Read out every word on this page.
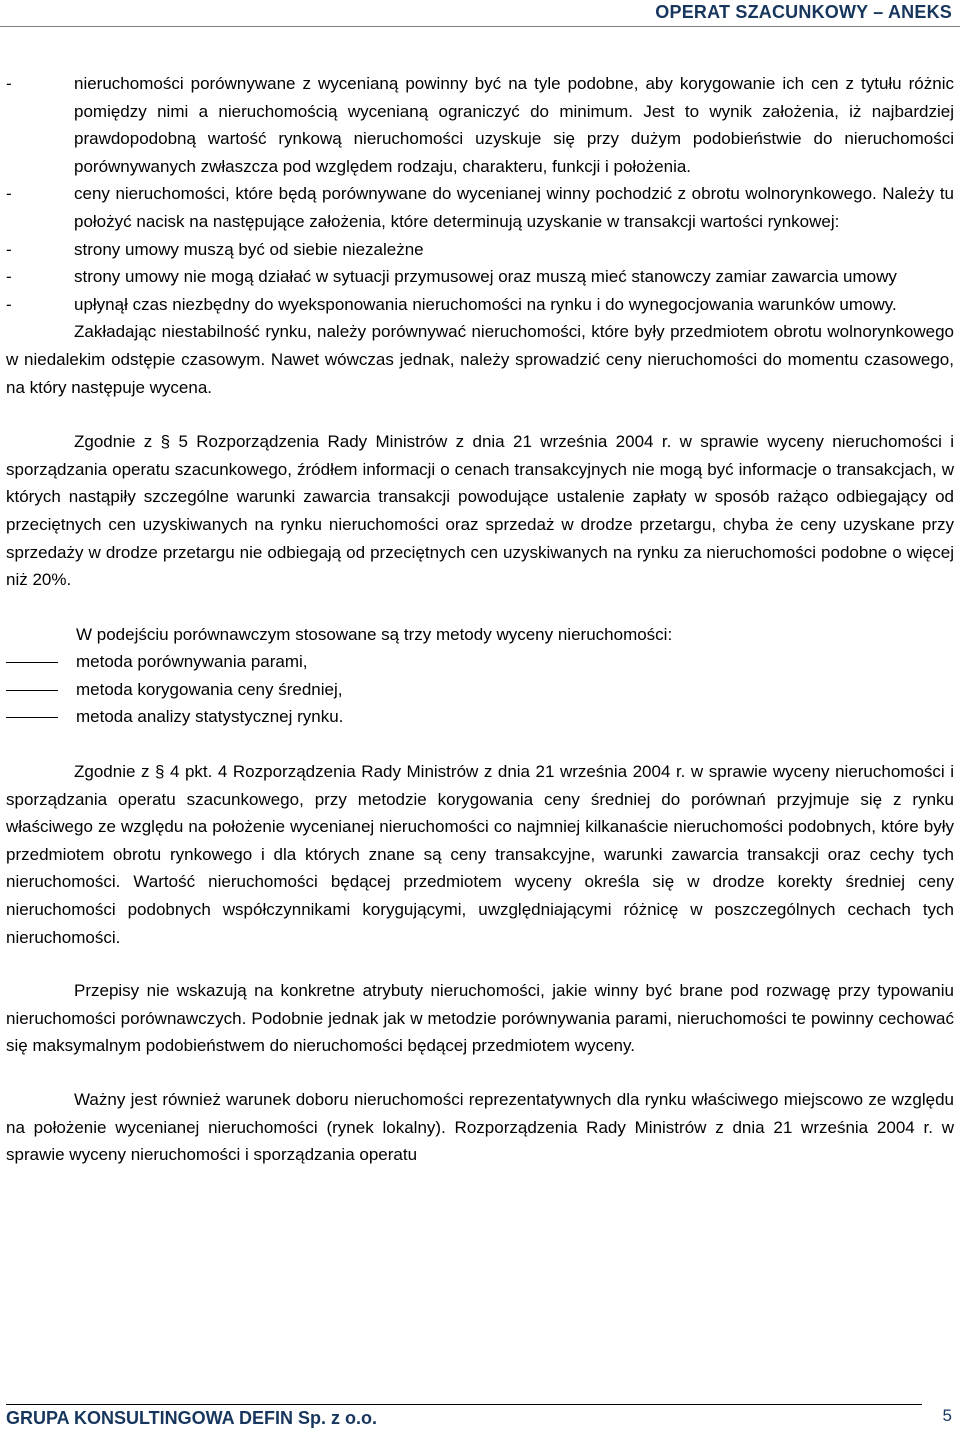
OPERAT SZACUNKOWY – ANEKS
-	nieruchomości porównywane z wycenianą powinny być na tyle podobne, aby korygowanie ich cen z tytułu różnic pomiędzy nimi a nieruchomością wycenianą ograniczyć do minimum. Jest to wynik założenia, iż najbardziej prawdopodobną wartość rynkową nieruchomości uzyskuje się przy dużym podobieństwie do nieruchomości porównywanych zwłaszcza pod względem rodzaju, charakteru, funkcji i położenia.
-	ceny nieruchomości, które będą porównywane do wycenianej winny pochodzić z obrotu wolnorynkowego. Należy tu położyć nacisk na następujące założenia, które determinują uzyskanie w transakcji wartości rynkowej:
-	strony umowy muszą być od siebie niezależne
-	strony umowy nie mogą działać w sytuacji przymusowej oraz muszą mieć stanowczy zamiar zawarcia umowy
-	upłynął czas niezbędny do wyeksponowania nieruchomości na rynku i do wynegocjowania warunków umowy.

Zakładając niestabilność rynku, należy porównywać nieruchomości, które były przedmiotem obrotu wolnorynkowego w niedalekim odstępie czasowym. Nawet wówczas jednak, należy sprowadzić ceny nieruchomości do momentu czasowego, na który następuje wycena.

Zgodnie z § 5 Rozporządzenia Rady Ministrów z dnia 21 września 2004 r. w sprawie wyceny nieruchomości i sporządzania operatu szacunkowego, źródłem informacji o cenach transakcyjnych nie mogą być informacje o transakcjach, w których nastąpiły szczególne warunki zawarcia transakcji powodujące ustalenie zapłaty w sposób rażąco odbiegający od przeciętnych cen uzyskiwanych na rynku nieruchomości oraz sprzedaż w drodze przetargu, chyba że ceny uzyskane przy sprzedaży w drodze przetargu nie odbiegają od przeciętnych cen uzyskiwanych na rynku za nieruchomości podobne o więcej niż 20%.

W podejściu porównawczym stosowane są trzy metody wyceny nieruchomości:

metoda porównywania parami,
metoda korygowania ceny średniej,
metoda analizy statystycznej rynku.

Zgodnie z § 4 pkt. 4 Rozporządzenia Rady Ministrów z dnia 21 września 2004 r. w sprawie wyceny nieruchomości i sporządzania operatu szacunkowego, przy metodzie korygowania ceny średniej do porównań przyjmuje się z rynku właściwego ze względu na położenie wycenianej nieruchomości co najmniej kilkanaście nieruchomości podobnych, które były przedmiotem obrotu rynkowego i dla których znane są ceny transakcyjne, warunki zawarcia transakcji oraz cechy tych nieruchomości. Wartość nieruchomości będącej przedmiotem wyceny określa się w drodze korekty średniej ceny nieruchomości podobnych współczynnikami korygującymi, uwzględniającymi różnicę w poszczególnych cechach tych nieruchomości.

Przepisy nie wskazują na konkretne atrybuty nieruchomości, jakie winny być brane pod rozwagę przy typowaniu nieruchomości porównawczych. Podobnie jednak jak w metodzie porównywania parami, nieruchomości te powinny cechować się maksymalnym podobieństwem do nieruchomości będącej przedmiotem wyceny.

Ważny jest również warunek doboru nieruchomości reprezentatywnych dla rynku właściwego miejscowo ze względu na położenie wycenianej nieruchomości (rynek lokalny). Rozporządzenia Rady Ministrów z dnia 21 września 2004 r. w sprawie wyceny nieruchomości i sporządzania operatu

GRUPA KONSULTINGOWA DEFIN Sp. z o.o.	5
